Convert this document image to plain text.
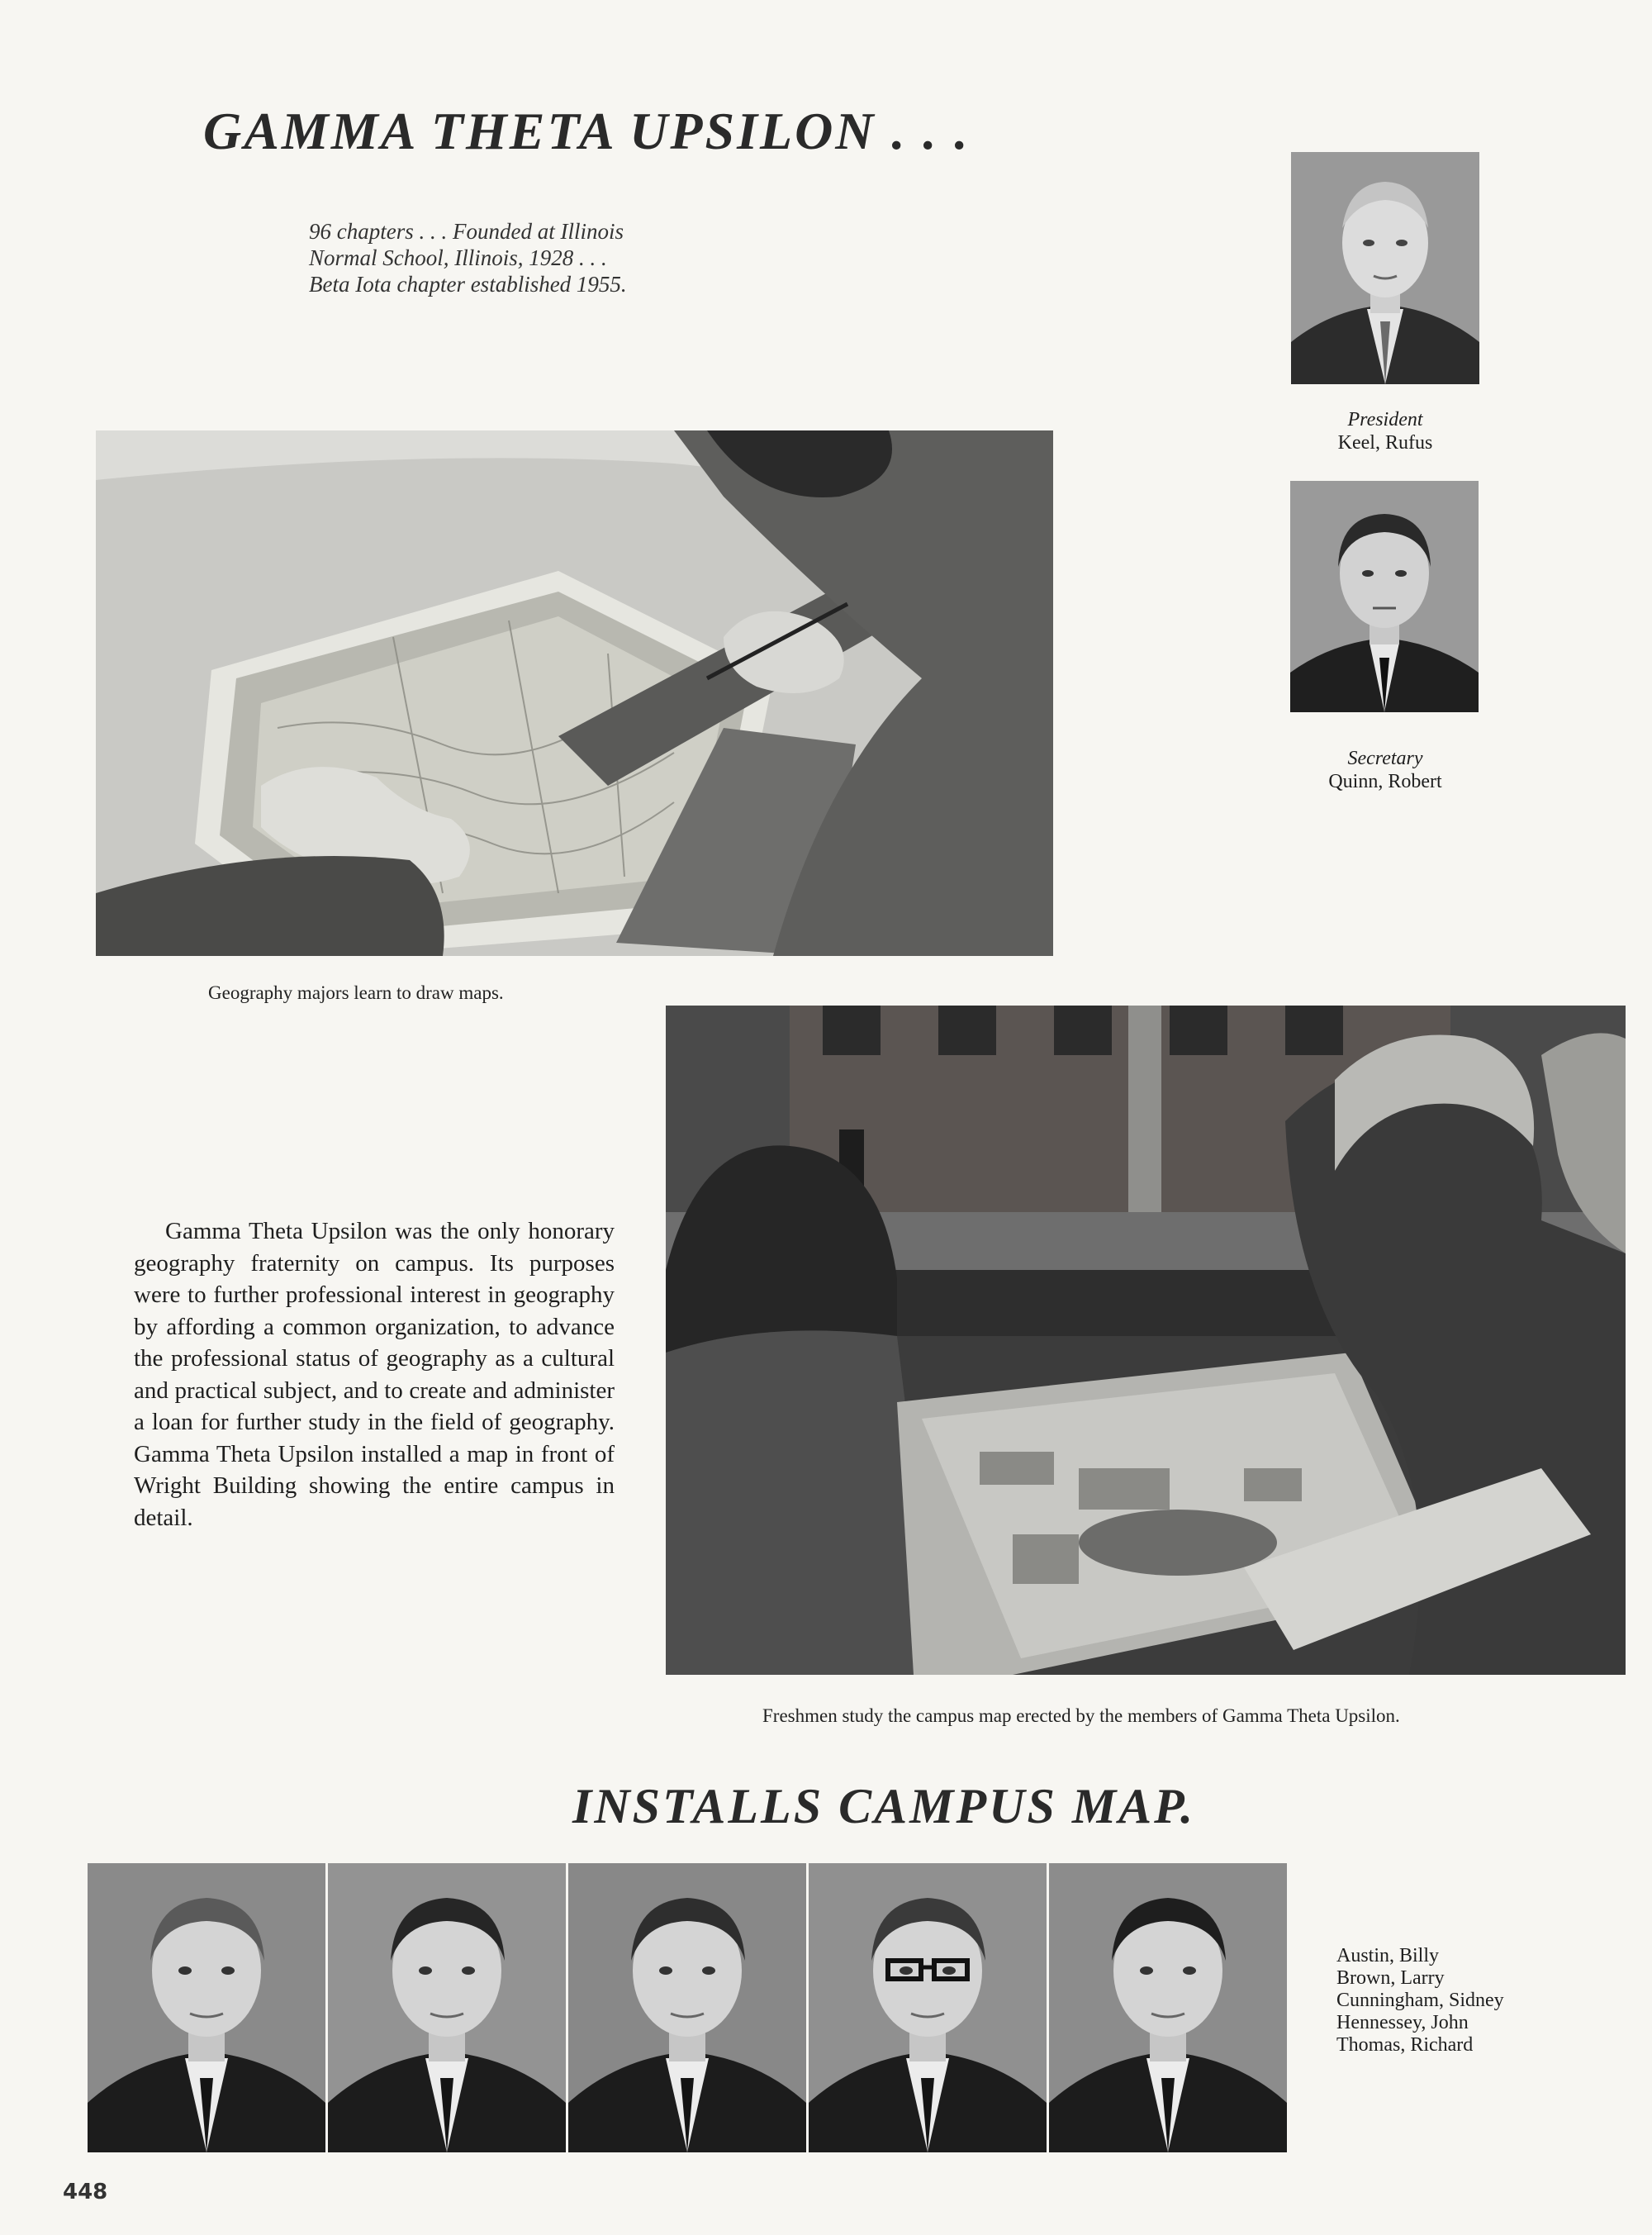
GAMMA THETA UPSILON . . .
96 chapters . . . Founded at Illinois
Normal School, Illinois, 1928 . . .
Beta Iota chapter established 1955.
President
Keel, Rufus
Secretary
Quinn, Robert
Geography majors learn to draw maps.
Freshmen study the campus map erected by the members of Gamma Theta Upsilon.

Gamma Theta Upsilon was the only honorary geography fraternity on campus. Its purposes were to further professional interest in geography by affording a common organization, to advance the professional status of geography as a cultural and practical subject, and to create and administer a loan for further study in the field of geography. Gamma Theta Upsilon installed a map in front of Wright Building showing the entire campus in detail.

INSTALLS CAMPUS MAP.
Austin, Billy
Brown, Larry
Cunningham, Sidney
Hennessey, John
Thomas, Richard
448
